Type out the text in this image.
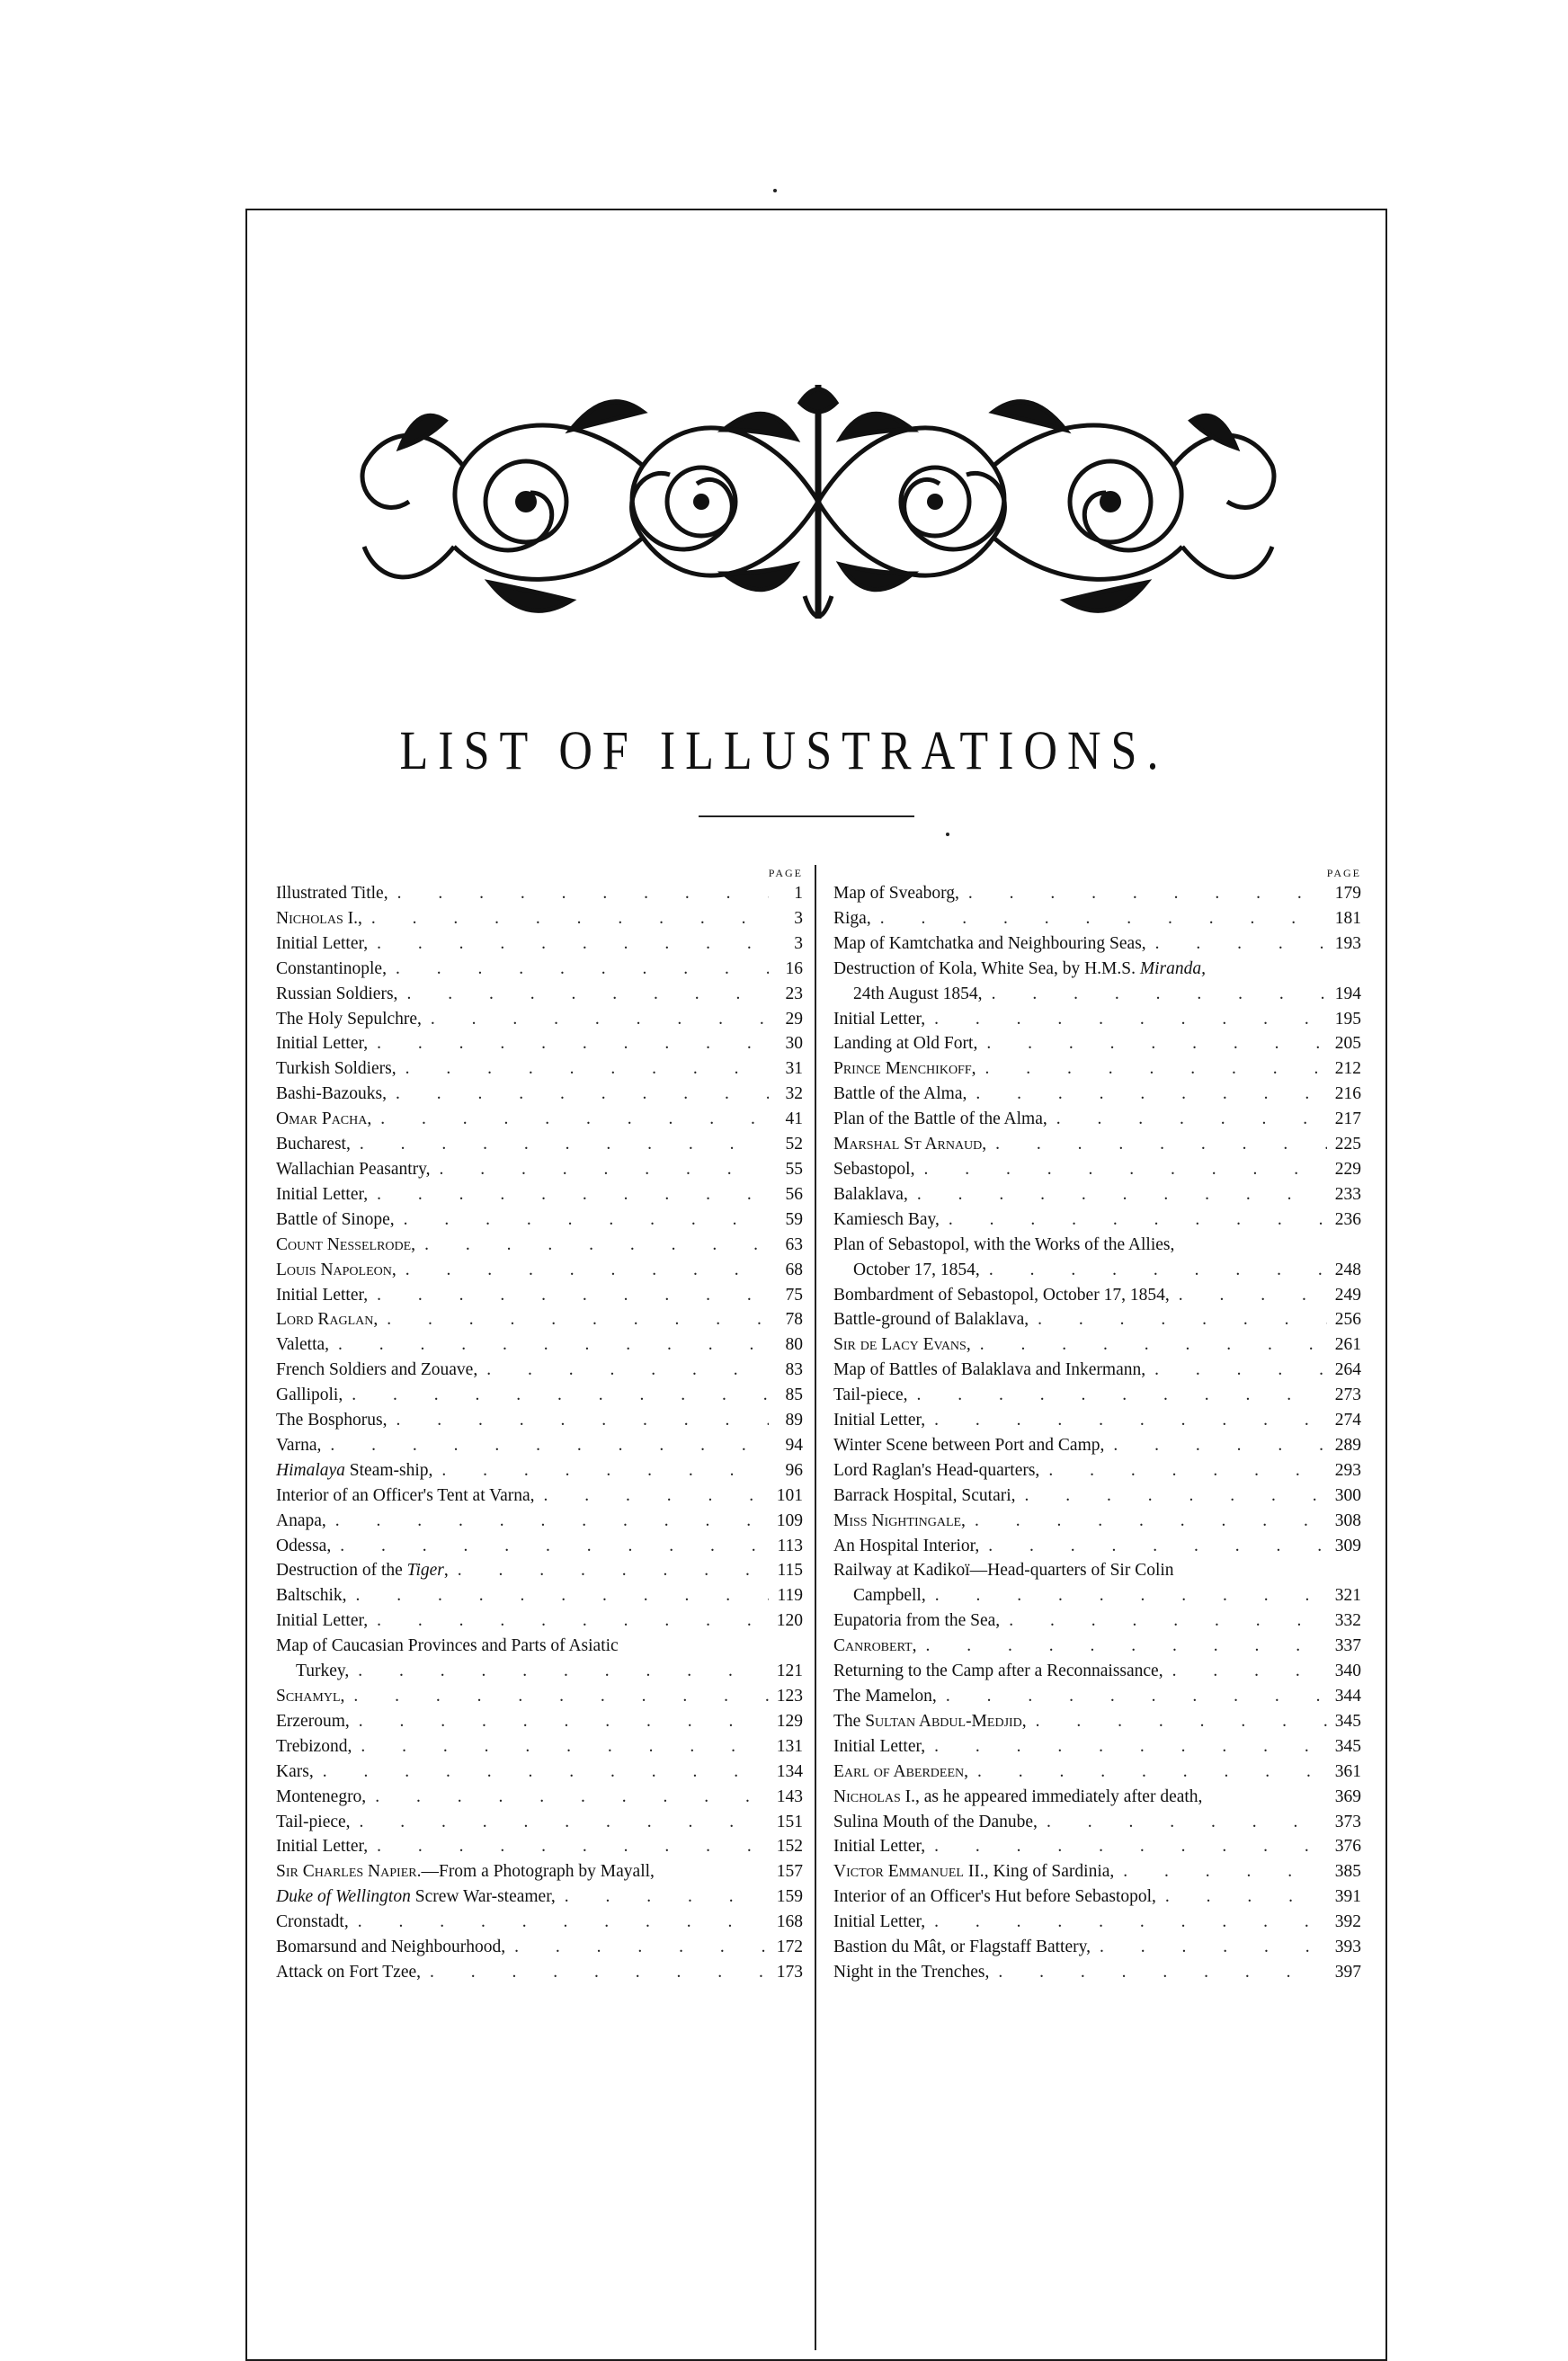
LIST OF ILLUSTRATIONS.
PAGE
Illustrated Title, . . .	1
Nicholas I., . . .	3
Initial Letter, . . .	3
Constantinople, . . .	16
Russian Soldiers, . . .	23
The Holy Sepulchre, . . .	29
Initial Letter, . . .	30
Turkish Soldiers, . . .	31
Bashi-Bazouks, . . .	32
Omar Pacha, . . .	41
Bucharest, . . .	52
Wallachian Peasantry, . . .	55
Initial Letter, . . .	56
Battle of Sinope, . . .	59
Count Nesselrode, . . .	63
Louis Napoleon, . . .	68
Initial Letter, . . .	75
Lord Raglan, . . .	78
Valetta, . . .	80
French Soldiers and Zouave, . . .	83
Gallipoli, . . .	85
The Bosphorus, . . .	89
Varna, . . .	94
Himalaya Steam-ship, . . .	96
Interior of an Officer's Tent at Varna, . . .	101
Anapa, . . .	109
Odessa, . . .	113
Destruction of the Tiger, . . .	115
Baltschik, . . .	119
Initial Letter, . . .	120
Map of Caucasian Provinces and Parts of Asiatic
Turkey, . . .	121
Schamyl, . . .	123
Erzeroum, . . .	129
Trebizond, . . .	131
Kars, . . .	134
Montenegro, . . .	143
Tail-piece, . . .	151
Initial Letter, . . .	152
Sir Charles Napier.—From a Photograph by Mayall,	157
Duke of Wellington Screw War-steamer, . . .	159
Cronstadt, . . .	168
Bomarsund and Neighbourhood, . . .	172
Attack on Fort Tzee, . . .	173
PAGE
Map of Sveaborg, . . .	179
Riga, . . .	181
Map of Kamtchatka and Neighbouring Seas, . . .	193
Destruction of Kola, White Sea, by H.M.S. Miranda,
24th August 1854, . . .	194
Initial Letter, . . .	195
Landing at Old Fort, . . .	205
Prince Menchikoff, . . .	212
Battle of the Alma, . . .	216
Plan of the Battle of the Alma, . . .	217
Marshal St Arnaud, . . .	225
Sebastopol, . . .	229
Balaklava, . . .	233
Kamiesch Bay, . . .	236
Plan of Sebastopol, with the Works of the Allies,
October 17, 1854, . . .	248
Bombardment of Sebastopol, October 17, 1854, . . .	249
Battle-ground of Balaklava, . . .	256
Sir de Lacy Evans, . . .	261
Map of Battles of Balaklava and Inkermann, . . .	264
Tail-piece, . . .	273
Initial Letter, . . .	274
Winter Scene between Port and Camp, . . .	289
Lord Raglan's Head-quarters, . . .	293
Barrack Hospital, Scutari, . . .	300
Miss Nightingale, . . .	308
An Hospital Interior, . . .	309
Railway at Kadikoï—Head-quarters of Sir Colin
Campbell, . . .	321
Eupatoria from the Sea, . . .	332
Canrobert, . . .	337
Returning to the Camp after a Reconnaissance, . . .	340
The Mamelon, . . .	344
The Sultan Abdul-Medjid, . . .	345
Initial Letter, . . .	345
Earl of Aberdeen, . . .	361
Nicholas I., as he appeared immediately after death,	369
Sulina Mouth of the Danube, . . .	373
Initial Letter, . . .	376
Victor Emmanuel II., King of Sardinia, . . .	385
Interior of an Officer's Hut before Sebastopol, . . .	391
Initial Letter, . . .	392
Bastion du Mât, or Flagstaff Battery, . . .	393
Night in the Trenches, . . .	397
